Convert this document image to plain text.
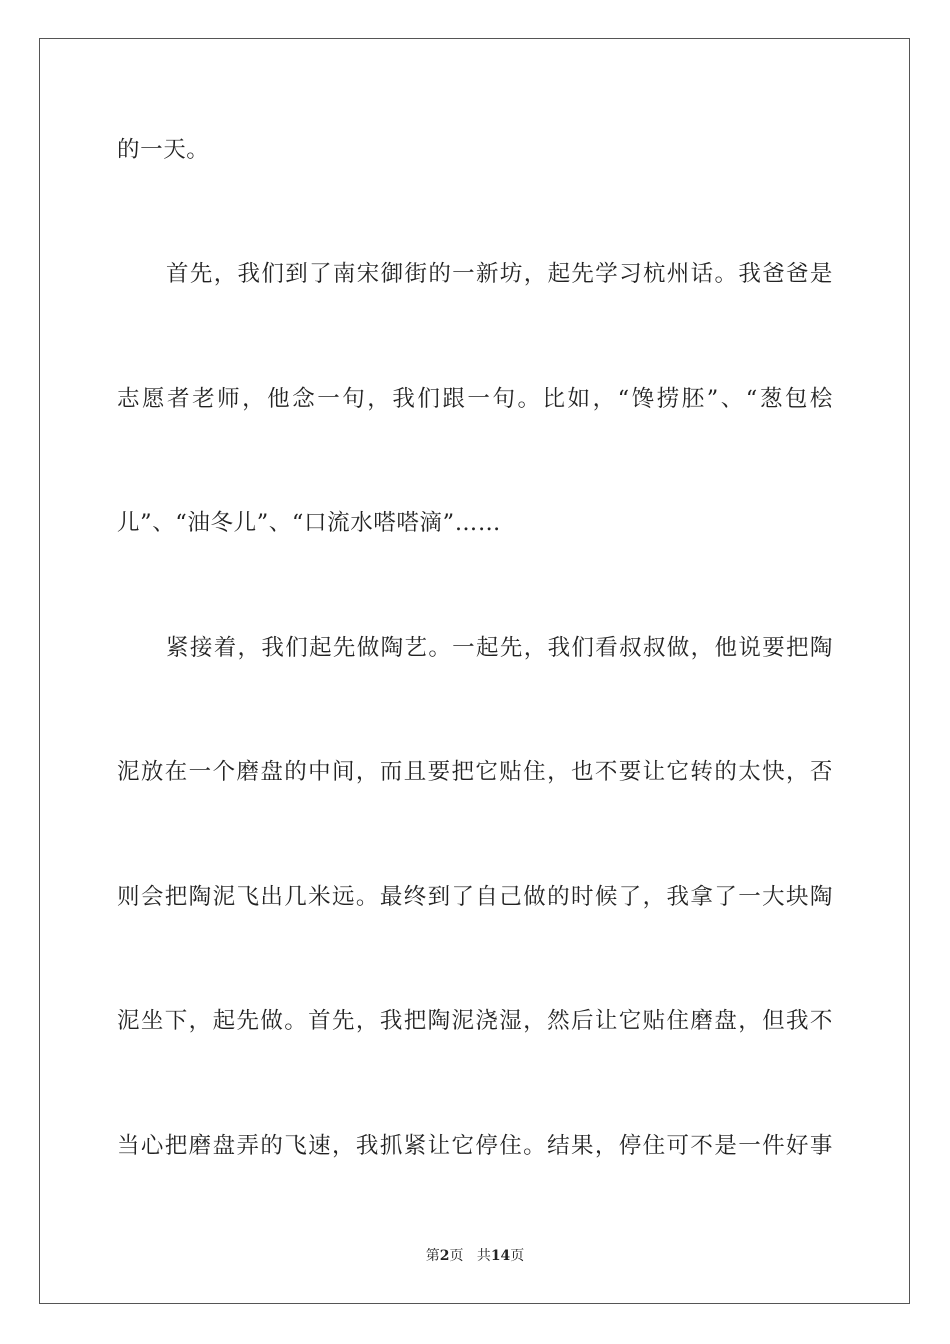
的一天。
首先，我们到了南宋御街的一新坊，起先学习杭州话。我爸爸是
志愿者老师，他念一句，我们跟一句。比如，“馋捞胚”、“葱包桧
儿”、“油冬儿”、“口流水嗒嗒滴”……
紧接着，我们起先做陶艺。一起先，我们看叔叔做，他说要把陶
泥放在一个磨盘的中间，而且要把它贴住，也不要让它转的太快，否
则会把陶泥飞出几米远。最终到了自己做的时候了，我拿了一大块陶
泥坐下，起先做。首先，我把陶泥浇湿，然后让它贴住磨盘，但我不
当心把磨盘弄的飞速，我抓紧让它停住。结果，停住可不是一件好事
第2页 共14页
